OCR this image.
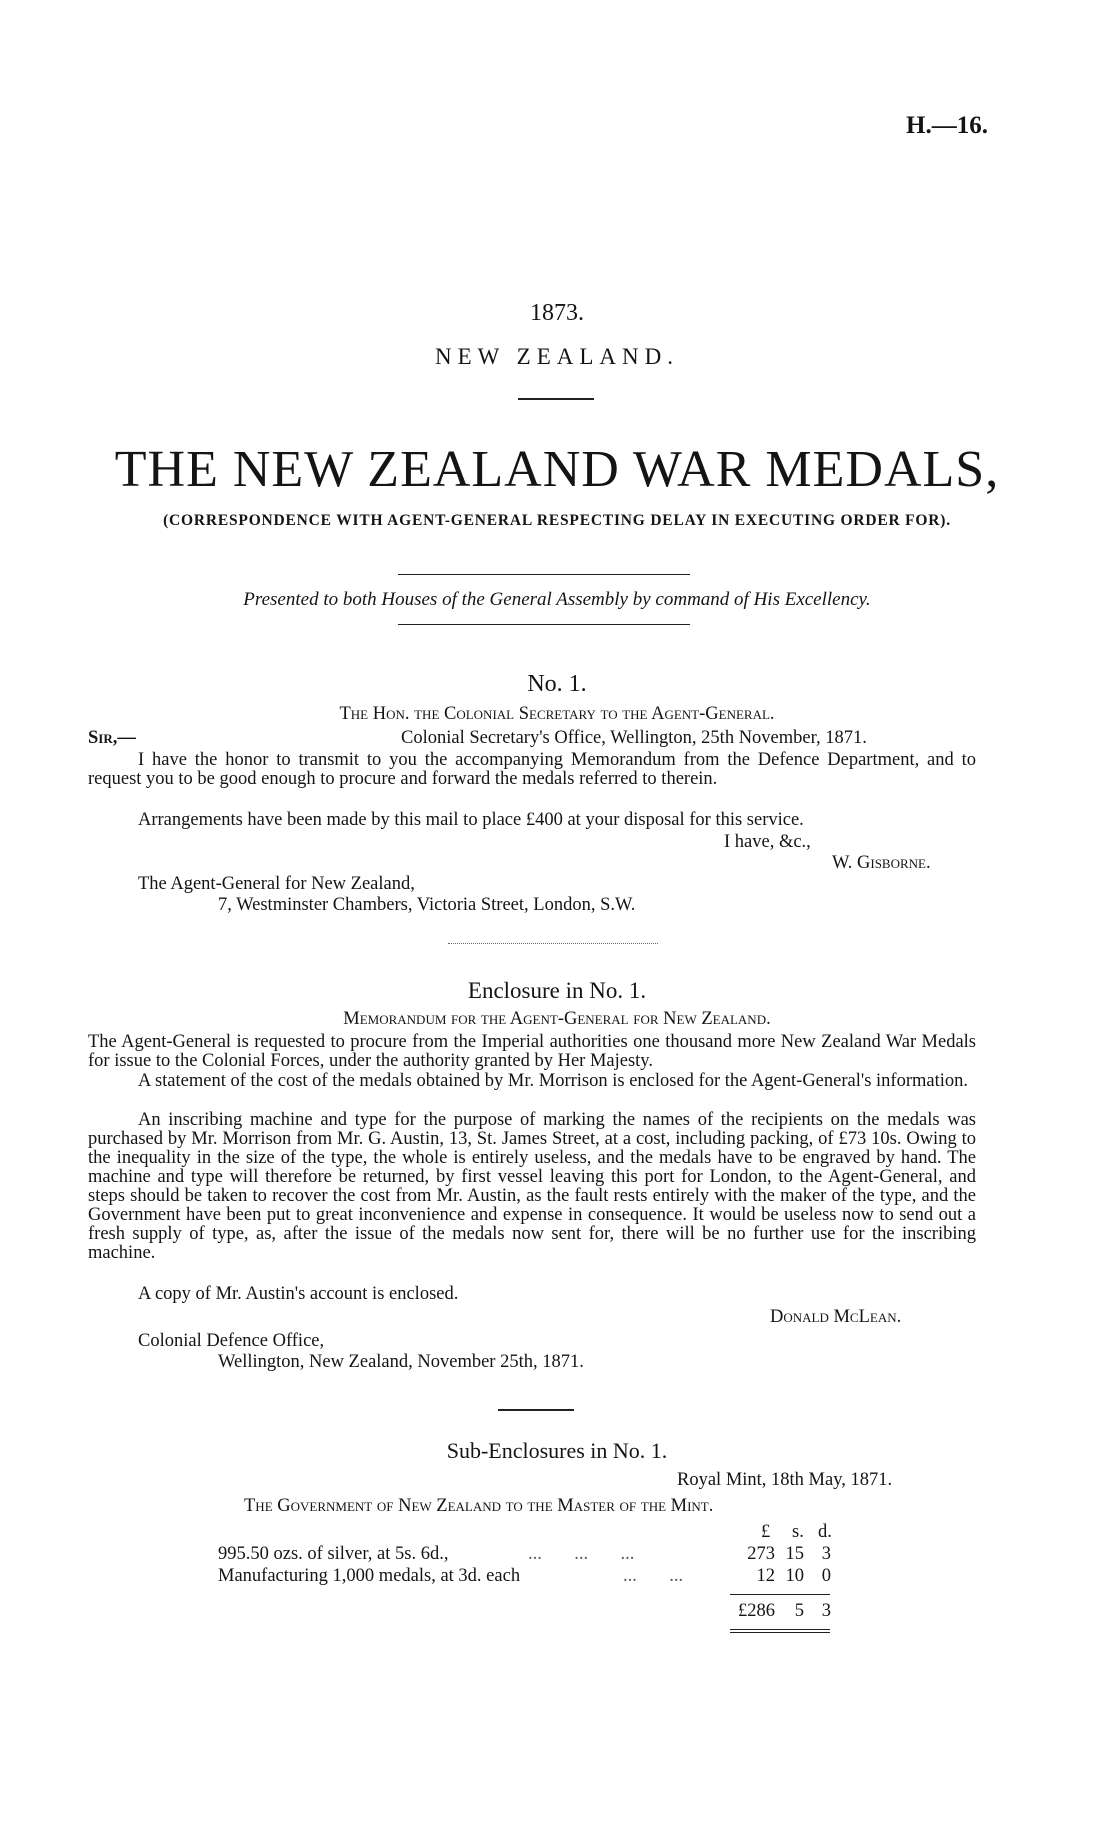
H.—16.
1873.
NEW ZEALAND.
THE NEW ZEALAND WAR MEDALS,
(CORRESPONDENCE WITH AGENT-GENERAL RESPECTING DELAY IN EXECUTING ORDER FOR).
Presented to both Houses of the General Assembly by command of His Excellency.
No. 1.
The Hon. the Colonial Secretary to the Agent-General.
Sir,—	Colonial Secretary's Office, Wellington, 25th November, 1871.
I have the honor to transmit to you the accompanying Memorandum from the Defence Department, and to request you to be good enough to procure and forward the medals referred to therein.
Arrangements have been made by this mail to place £400 at your disposal for this service.
I have, &c.,
W. Gisborne.
The Agent-General for New Zealand,
7, Westminster Chambers, Victoria Street, London, S.W.
Enclosure in No. 1.
Memorandum for the Agent-General for New Zealand.
The Agent-General is requested to procure from the Imperial authorities one thousand more New Zealand War Medals for issue to the Colonial Forces, under the authority granted by Her Majesty.
A statement of the cost of the medals obtained by Mr. Morrison is enclosed for the Agent-General's information.
An inscribing machine and type for the purpose of marking the names of the recipients on the medals was purchased by Mr. Morrison from Mr. G. Austin, 13, St. James Street, at a cost, including packing, of £73 10s. Owing to the inequality in the size of the type, the whole is entirely useless, and the medals have to be engraved by hand. The machine and type will therefore be returned, by first vessel leaving this port for London, to the Agent-General, and steps should be taken to recover the cost from Mr. Austin, as the fault rests entirely with the maker of the type, and the Government have been put to great inconvenience and expense in consequence. It would be useless now to send out a fresh supply of type, as, after the issue of the medals now sent for, there will be no further use for the inscribing machine.
A copy of Mr. Austin's account is enclosed.
Donald McLean.
Colonial Defence Office,
Wellington, New Zealand, November 25th, 1871.
Sub-Enclosures in No. 1.
Royal Mint, 18th May, 1871.
The Government of New Zealand to the Master of the Mint.
£ s. d.
995.50 ozs. of silver, at 5s. 6d.,	...       ...       ...	273 15 3
Manufacturing 1,000 medals, at 3d. each	...       ...	12 10 0
£286	5 3
